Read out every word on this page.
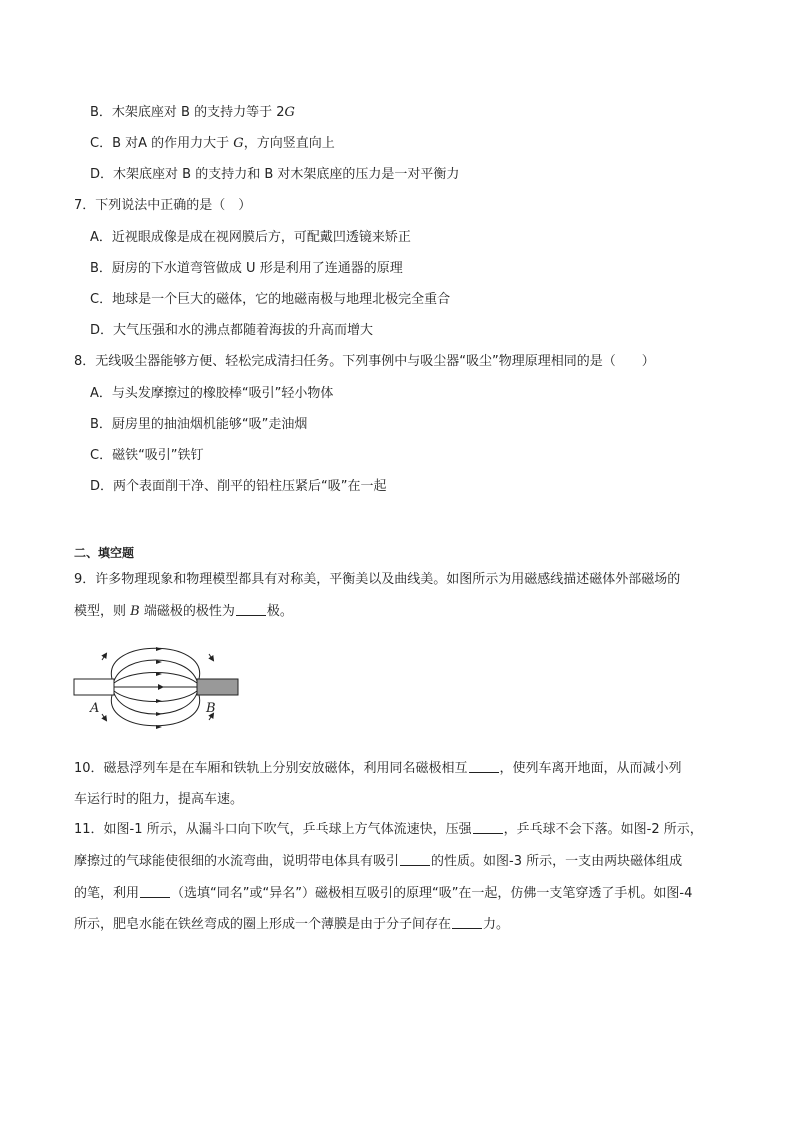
B．木架底座对 B 的支持力等于 2G
C．B 对A 的作用力大于 G，方向竖直向上
D．木架底座对 B 的支持力和 B 对木架底座的压力是一对平衡力
7．下列说法中正确的是（　）
A．近视眼成像是成在视网膜后方，可配戴凹透镜来矫正
B．厨房的下水道弯管做成 U 形是利用了连通器的原理
C．地球是一个巨大的磁体，它的地磁南极与地理北极完全重合
D．大气压强和水的沸点都随着海拔的升高而增大
8．无线吸尘器能够方便、轻松完成清扫任务。下列事例中与吸尘器“吸尘”物理原理相同的是（　　）
A．与头发摩擦过的橡胶棒“吸引”轻小物体
B．厨房里的抽油烟机能够“吸”走油烟
C．磁铁“吸引”铁钉
D．两个表面削干净、削平的铅柱压紧后“吸”在一起
二、填空题
9．许多物理现象和物理模型都具有对称美，平衡美以及曲线美。如图所示为用磁感线描述磁体外部磁场的
模型，则 B 端磁极的极性为 极。
A	B
10．磁悬浮列车是在车厢和铁轨上分别安放磁体，利用同名磁极相互 ，使列车离开地面，从而减小列
车运行时的阻力，提高车速。
11．如图-1 所示，从漏斗口向下吹气，乒乓球上方气体流速快，压强 ，乒乓球不会下落。如图-2 所示，
摩擦过的气球能使很细的水流弯曲，说明带电体具有吸引 的性质。如图-3 所示，一支由两块磁体组成
的笔，利用 （选填“同名”或“异名”）磁极相互吸引的原理“吸”在一起，仿佛一支笔穿透了手机。如图-4
所示，肥皂水能在铁丝弯成的圈上形成一个薄膜是由于分子间存在 力。
